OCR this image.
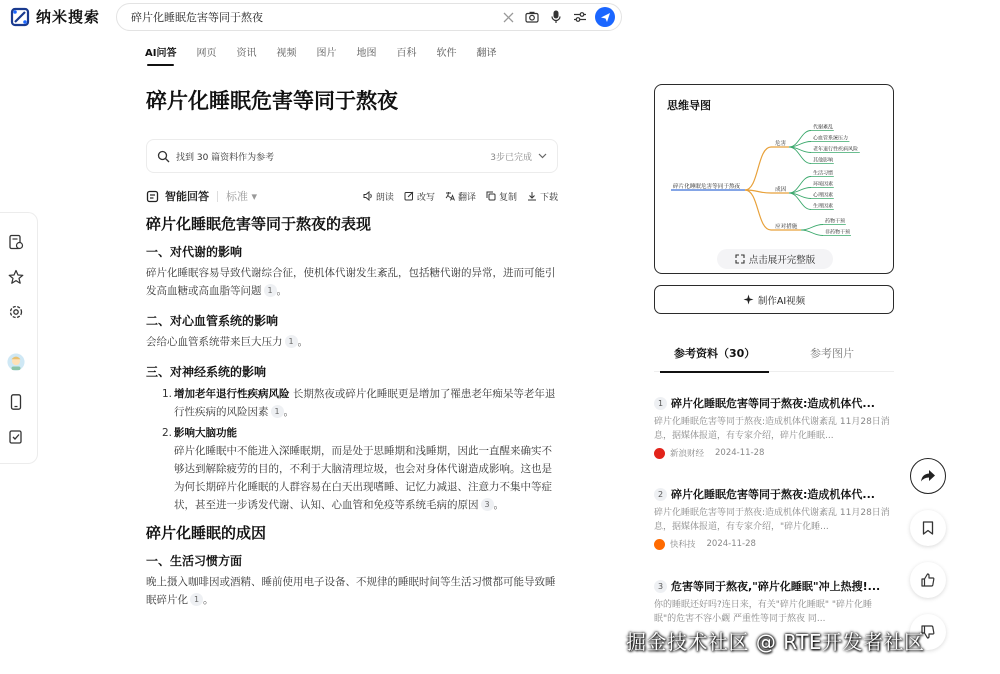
纳米搜索
碎片化睡眠危害等同于熬夜
AI问答 网页 资讯 视频 图片 地图 百科 软件 翻译
碎片化睡眠危害等同于熬夜
找到 30 篇资料作为参考	3步已完成
智能回答 标准 ▾	朗读	改写	翻译	复制	下载
碎片化睡眠危害等同于熬夜的表现
一、对代谢的影响
碎片化睡眠容易导致代谢综合征，使机体代谢发生紊乱，包括糖代谢的异常，进而可能引发高血糖或高血脂等问题 1 。
二、对心血管系统的影响
会给心血管系统带来巨大压力 1 。
三、对神经系统的影响
1. 增加老年退行性疾病风险 长期熬夜或碎片化睡眠更是增加了罹患老年痴呆等老年退行性疾病的风险因素 1 。
2. 影响大脑功能
碎片化睡眠中不能进入深睡眠期，而是处于思睡期和浅睡期，因此一直醒来确实不够达到解除疲劳的目的，不利于大脑清理垃圾，也会对身体代谢造成影响。这也是为何长期碎片化睡眠的人群容易在白天出现嗜睡、记忆力减退、注意力不集中等症状，甚至进一步诱发代谢、认知、心血管和免疫等系统毛病的原因 3 。
碎片化睡眠的成因
一、生活习惯方面
晚上摄入咖啡因或酒精、睡前使用电子设备、不规律的睡眠时间等生活习惯都可能导致睡眠碎片化 1 。
思维导图
碎片化睡眠危害等同于熬夜
危害
代谢紊乱
心血管系统压力
老年退行性疾病风险
其他影响
成因
生活习惯
环境因素
心理因素
生理因素
应对措施
药物干预
非药物干预
点击展开完整版
制作AI视频
参考资料（30）	参考图片
1 碎片化睡眠危害等同于熬夜:造成机体代...
碎片化睡眠危害等同于熬夜:造成机体代谢紊乱 11月28日消息，据媒体报道，有专家介绍，碎片化睡眠...
新浪财经 2024-11-28
2 碎片化睡眠危害等同于熬夜:造成机体代...
碎片化睡眠危害等同于熬夜:造成机体代谢紊乱 11月28日消息，据媒体报道，有专家介绍，"碎片化睡...
快科技 2024-11-28
3 危害等同于熬夜,"碎片化睡眠"冲上热搜!...
你的睡眠还好吗?连日来，有关"碎片化睡眠" "碎片化睡眠"的危害不容小觑 严重性等同于熬夜 同...
掘金技术社区 @ RTE开发者社区
